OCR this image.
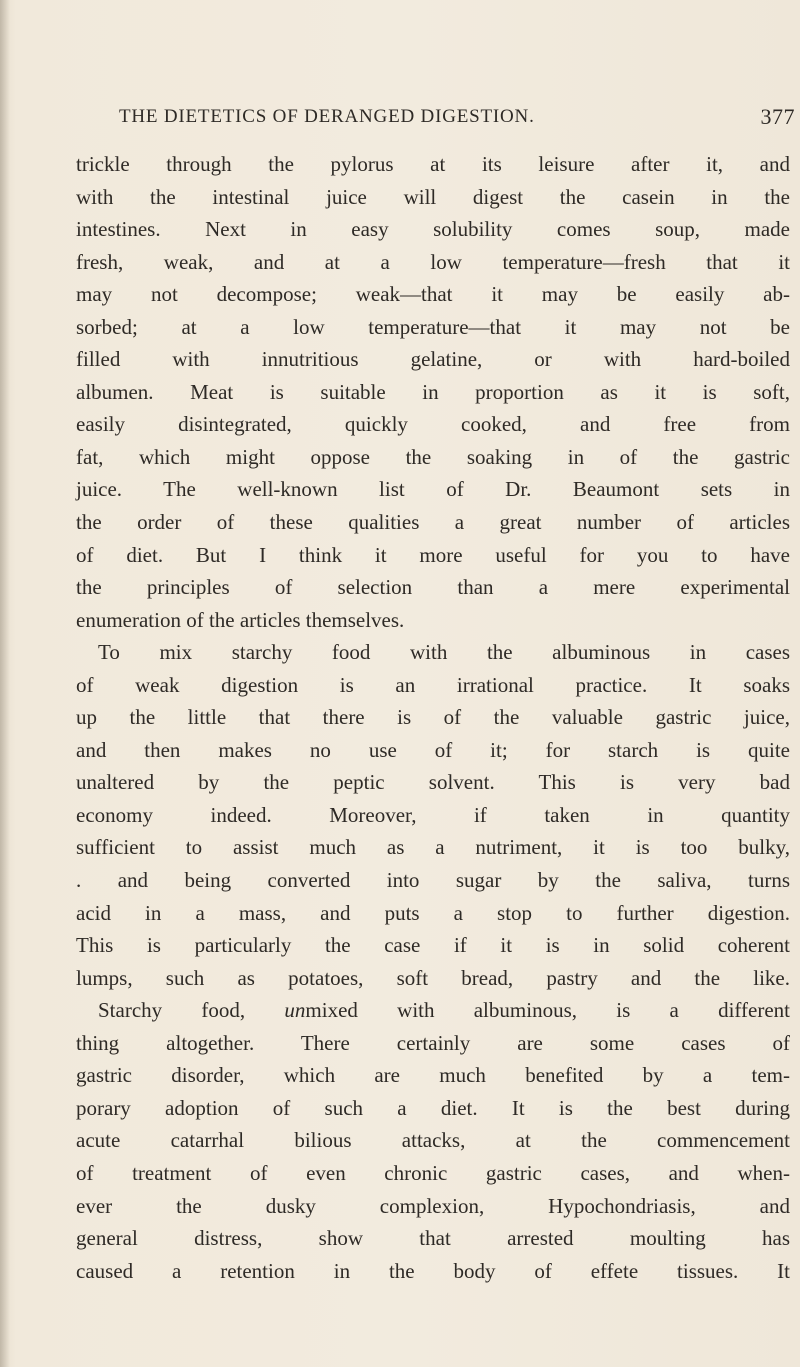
THE DIETETICS OF DERANGED DIGESTION.	377
trickle through the pylorus at its leisure after it, and
with the intestinal juice will digest the casein in the
intestines. Next in easy solubility comes soup, made
fresh, weak, and at a low temperature—fresh that it
may not decompose; weak—that it may be easily ab-
sorbed; at a low temperature—that it may not be
filled with innutritious gelatine, or with hard-boiled
albumen. Meat is suitable in proportion as it is soft,
easily disintegrated, quickly cooked, and free from
fat, which might oppose the soaking in of the gastric
juice. The well-known list of Dr. Beaumont sets in
the order of these qualities a great number of articles
of diet. But I think it more useful for you to have
the principles of selection than a mere experimental
enumeration of the articles themselves.
To mix starchy food with the albuminous in cases
of weak digestion is an irrational practice. It soaks
up the little that there is of the valuable gastric juice,
and then makes no use of it; for starch is quite
unaltered by the peptic solvent. This is very bad
economy indeed. Moreover, if taken in quantity
sufficient to assist much as a nutriment, it is too bulky,
. and being converted into sugar by the saliva, turns
acid in a mass, and puts a stop to further digestion.
This is particularly the case if it is in solid coherent
lumps, such as potatoes, soft bread, pastry and the like.
Starchy food, unmixed with albuminous, is a different
thing altogether. There certainly are some cases of
gastric disorder, which are much benefited by a tem-
porary adoption of such a diet. It is the best during
acute catarrhal bilious attacks, at the commencement
of treatment of even chronic gastric cases, and when-
ever the dusky complexion, Hypochondriasis, and
general distress, show that arrested moulting has
caused a retention in the body of effete tissues. It
